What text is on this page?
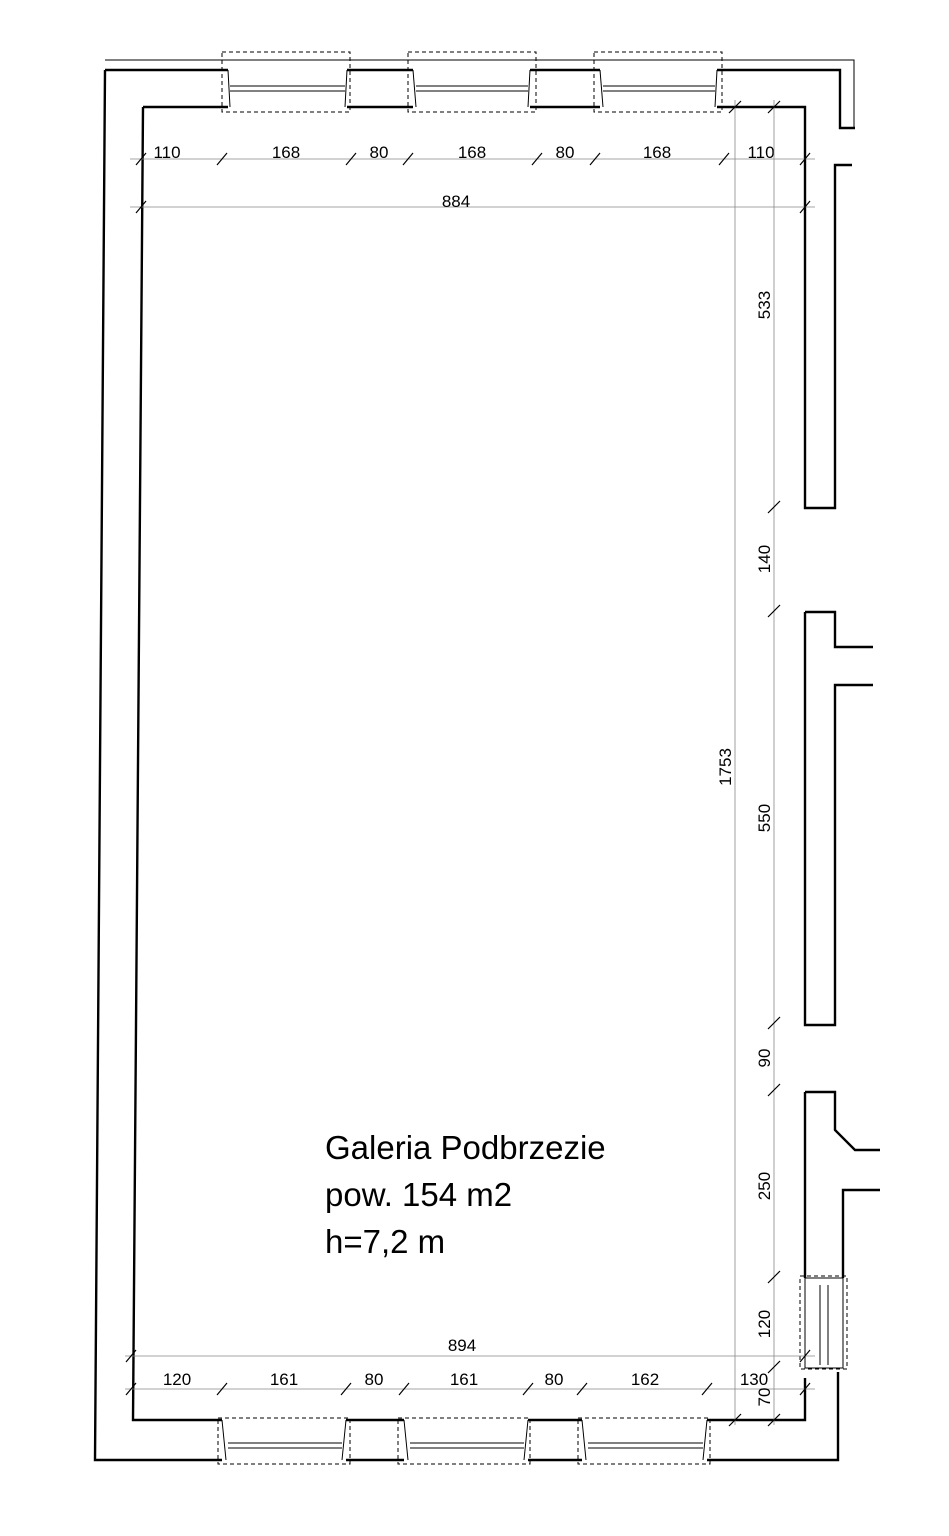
110	168	80	168	80	168	110
884
894
120	161	80	161	80	162	130
1753
533
140
550
90
250
120
70
Galeria Podbrzezie
pow. 154 m2
h=7,2 m
